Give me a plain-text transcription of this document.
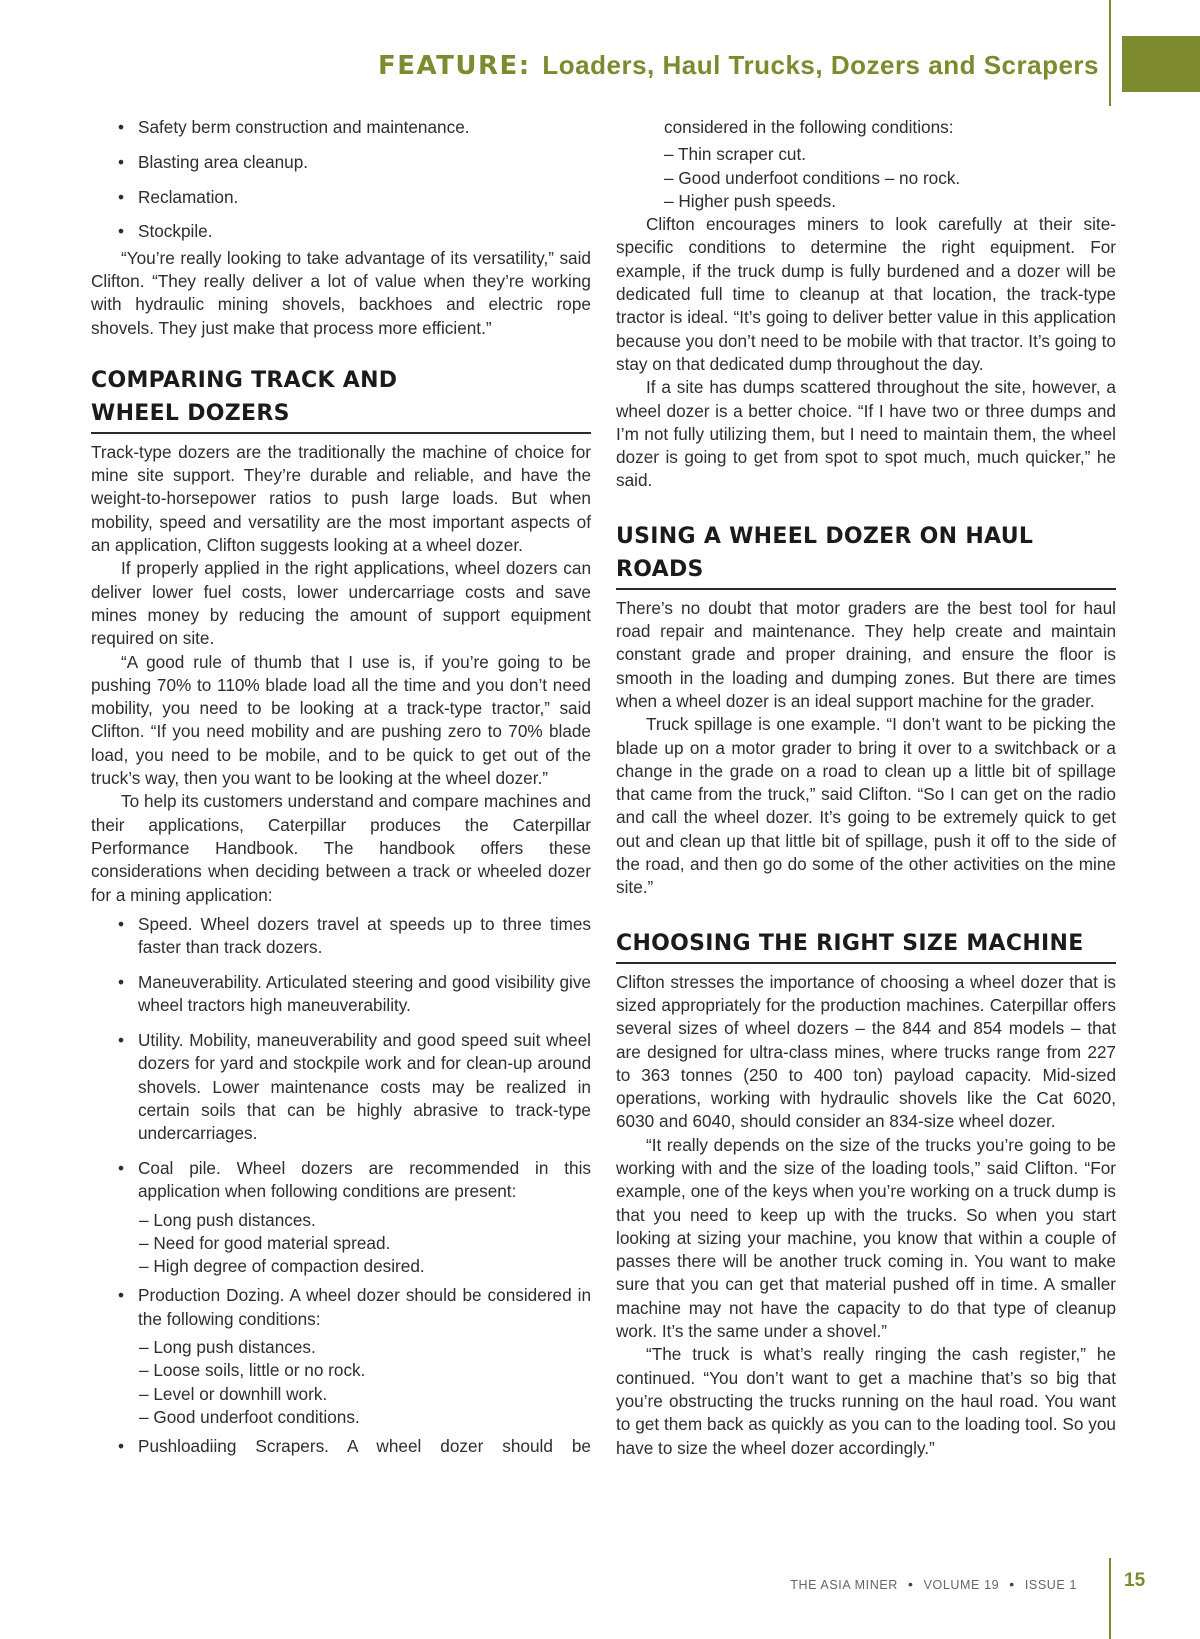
FEATURE: Loaders, Haul Trucks, Dozers and Scrapers
• Safety berm construction and maintenance.
• Blasting area cleanup.
• Reclamation.
• Stockpile.

“You’re really looking to take advantage of its versatility,” said Clifton. “They really deliver a lot of value when they’re working with hydraulic mining shovels, backhoes and electric rope shovels. They just make that process more efficient.”

COMPARING TRACK AND
WHEEL DOZERS

Track-type dozers are the traditionally the machine of choice for mine site support. They’re durable and reliable, and have the weight-to-horsepower ratios to push large loads. But when mobility, speed and versatility are the most important aspects of an application, Clifton suggests looking at a wheel dozer.

If properly applied in the right applications, wheel dozers can deliver lower fuel costs, lower undercarriage costs and save mines money by reducing the amount of support equipment required on site.

“A good rule of thumb that I use is, if you’re going to be pushing 70% to 110% blade load all the time and you don’t need mobility, you need to be looking at a track-type tractor,” said Clifton. “If you need mobility and are pushing zero to 70% blade load, you need to be mobile, and to be quick to get out of the truck’s way, then you want to be looking at the wheel dozer.”

To help its customers understand and compare machines and their applications, Caterpillar produces the Caterpillar Performance Handbook. The handbook offers these considerations when deciding between a track or wheeled dozer for a mining application:

• Speed. Wheel dozers travel at speeds up to three times faster than track dozers.
• Maneuverability. Articulated steering and good visibility give wheel tractors high maneuverability.
• Utility. Mobility, maneuverability and good speed suit wheel dozers for yard and stockpile work and for clean-up around shovels. Lower maintenance costs may be realized in certain soils that can be highly abrasive to track-type undercarriages.
• Coal pile. Wheel dozers are recommended in this application when following conditions are present:
– Long push distances.
– Need for good material spread.
– High degree of compaction desired.
• Production Dozing. A wheel dozer should be considered in the following conditions:
– Long push distances.
– Loose soils, little or no rock.
– Level or downhill work.
– Good underfoot conditions.
• Pushloadiing Scrapers. A wheel dozer should be
considered in the following conditions:
– Thin scraper cut.
– Good underfoot conditions – no rock.
– Higher push speeds.

Clifton encourages miners to look carefully at their site-specific conditions to determine the right equipment. For example, if the truck dump is fully burdened and a dozer will be dedicated full time to cleanup at that location, the track-type tractor is ideal. “It’s going to deliver better value in this application because you don’t need to be mobile with that tractor. It’s going to stay on that dedicated dump throughout the day.

If a site has dumps scattered throughout the site, however, a wheel dozer is a better choice. “If I have two or three dumps and I’m not fully utilizing them, but I need to maintain them, the wheel dozer is going to get from spot to spot much, much quicker,” he said.

USING A WHEEL DOZER ON HAUL ROADS

There’s no doubt that motor graders are the best tool for haul road repair and maintenance. They help create and maintain constant grade and proper draining, and ensure the floor is smooth in the loading and dumping zones. But there are times when a wheel dozer is an ideal support machine for the grader.

Truck spillage is one example. “I don’t want to be picking the blade up on a motor grader to bring it over to a switchback or a change in the grade on a road to clean up a little bit of spillage that came from the truck,” said Clifton. “So I can get on the radio and call the wheel dozer. It’s going to be extremely quick to get out and clean up that little bit of spillage, push it off to the side of the road, and then go do some of the other activities on the mine site.”

CHOOSING THE RIGHT SIZE MACHINE

Clifton stresses the importance of choosing a wheel dozer that is sized appropriately for the production machines. Caterpillar offers several sizes of wheel dozers – the 844 and 854 models – that are designed for ultra-class mines, where trucks range from 227 to 363 tonnes (250 to 400 ton) payload capacity. Mid-sized operations, working with hydraulic shovels like the Cat 6020, 6030 and 6040, should consider an 834-size wheel dozer.

“It really depends on the size of the trucks you’re going to be working with and the size of the loading tools,” said Clifton. “For example, one of the keys when you’re working on a truck dump is that you need to keep up with the trucks. So when you start looking at sizing your machine, you know that within a couple of passes there will be another truck coming in. You want to make sure that you can get that material pushed off in time. A smaller machine may not have the capacity to do that type of cleanup work. It’s the same under a shovel.”

“The truck is what’s really ringing the cash register,” he continued. “You don’t want to get a machine that’s so big that you’re obstructing the trucks running on the haul road. You want to get them back as quickly as you can to the loading tool. So you have to size the wheel dozer accordingly.”

THE ASIA MINER • VOLUME 19 • ISSUE 1 15
